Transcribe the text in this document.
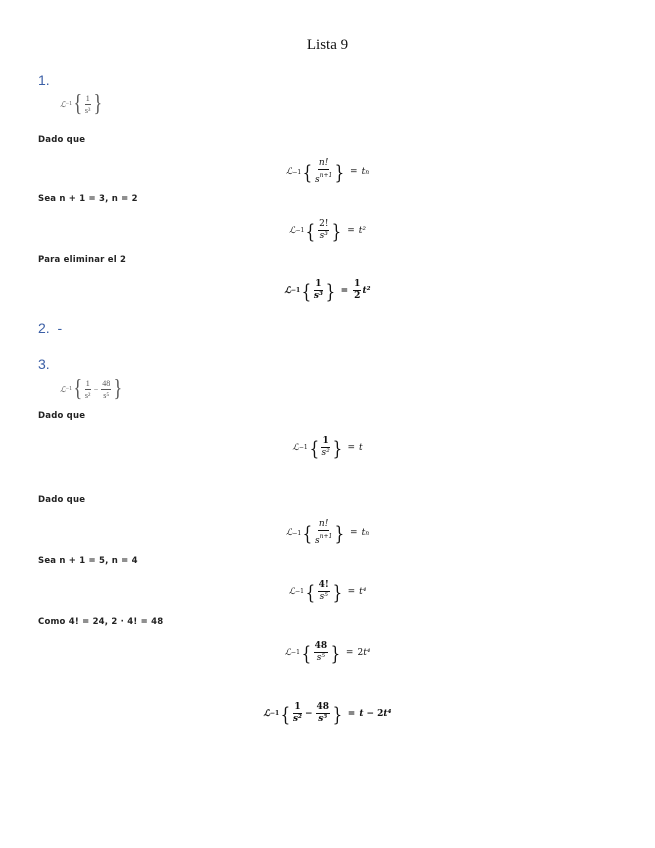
Lista 9
1.
ℒ −1 { $\frac{1}{\text{s³}}$ }
Dado que
ℒ −1 { $\frac{n!}{s^{n+1}}$ } = t n
Sea n + 1 = 3, n = 2
ℒ −1 { $\frac{2!}{\text{s³}}$ } = t²
Para eliminar el 2
ℒ −1 { $\frac{1}{\text{s³}}$ } = $\frac{1}{2} t^2$
2. -
3.
ℒ −1 { $\frac{1}{\text{s²}} - \frac{48}{\text{s⁵}}$ }
Dado que
ℒ −1 { $\frac{1}{\text{s²}}$ } = t
Dado que
ℒ −1 { $\frac{n!}{s^{n+1}}$ } = t n
Sea n + 1 = 5, n = 4
ℒ −1 { $\frac{4!}{\text{s⁵}}$ } = t⁴
Como 4! = 24, 2 · 4! = 48
ℒ −1 { $\frac{48}{\text{s⁵}}$ } = 2 t⁴
ℒ −1 { $\frac{1}{\text{s²}} - \frac{48}{\text{s⁵}}$ } = t − 2 t⁴
